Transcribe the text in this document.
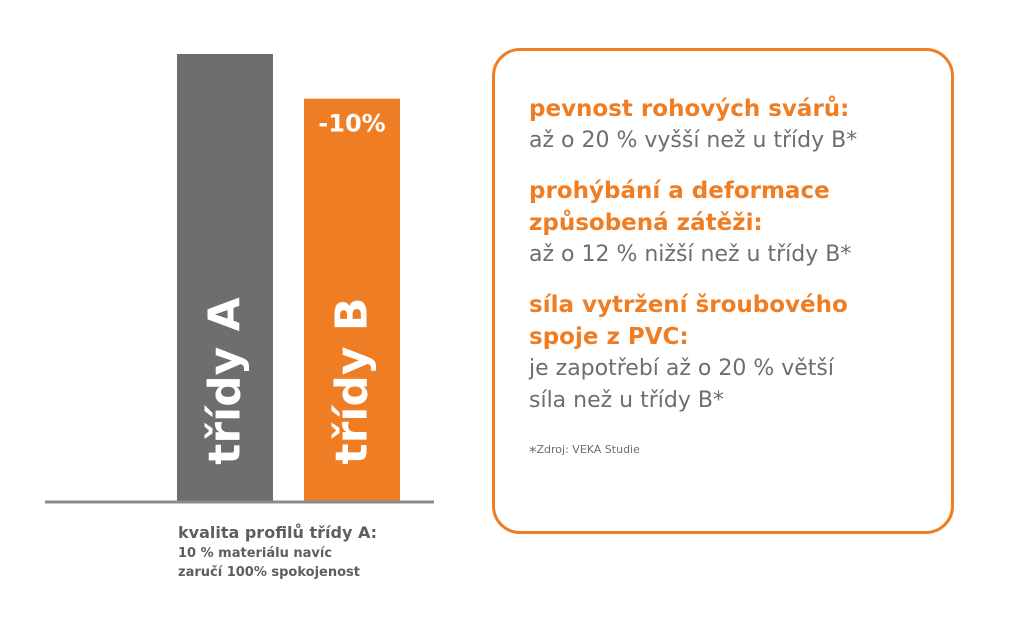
třídy A třídy B
-10%
kvalita profilů třídy A:
10 % materiálu navíc
zaručí 100% spokojenost
pevnost rohových svárů:
až o 20 % vyšší než u třídy B*
prohýbání a deformace
způsobená zátěži:
až o 12 % nižší než u třídy B*
síla vytržení šroubového
spoje z PVC:
je zapotřebí až o 20 % větší
síla než u třídy B*
*Zdroj: VEKA Studie
